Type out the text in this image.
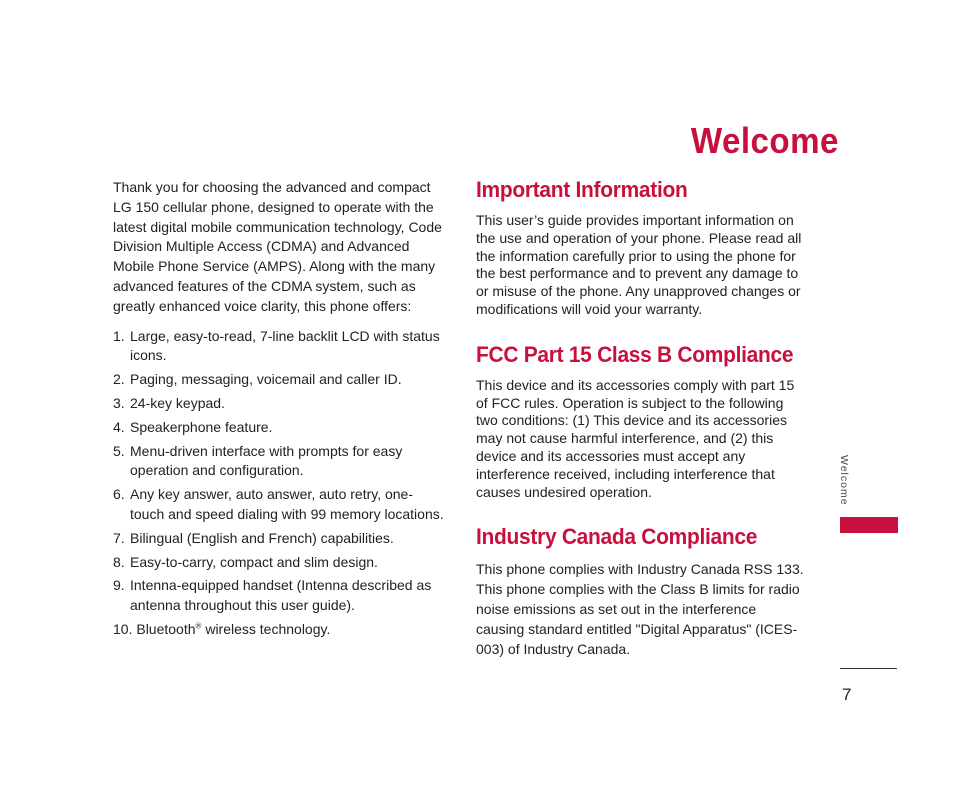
Welcome

Thank you for choosing the advanced and compact LG 150 cellular phone, designed to operate with the latest digital mobile communication technology, Code Division Multiple Access (CDMA) and Advanced Mobile Phone Service (AMPS). Along with the many advanced features of the CDMA system, such as greatly enhanced voice clarity, this phone offers:

1. Large, easy-to-read, 7-line backlit LCD with status icons.
2. Paging, messaging, voicemail and caller ID.
3. 24-key keypad.
4. Speakerphone feature.
5. Menu-driven interface with prompts for easy operation and configuration.
6. Any key answer, auto answer, auto retry, one-touch and speed dialing with 99 memory locations.
7. Bilingual (English and French) capabilities.
8. Easy-to-carry, compact and slim design.
9. Intenna-equipped handset (Intenna described as antenna throughout this user guide).
10. Bluetooth® wireless technology.
Important Information

This user’s guide provides important information on the use and operation of your phone. Please read all the information carefully prior to using the phone for the best performance and to prevent any damage to or misuse of the phone. Any unapproved changes or modifications will void your warranty.

FCC Part 15 Class B Compliance

This device and its accessories comply with part 15 of FCC rules. Operation is subject to the following two conditions: (1) This device and its accessories may not cause harmful interference, and (2) this device and its accessories must accept any interference received, including interference that causes undesired operation.

Industry Canada Compliance

This phone complies with Industry Canada RSS 133. This phone complies with the Class B limits for radio noise emissions as set out in the interference causing standard entitled "Digital Apparatus" (ICES-003) of Industry Canada.

Welcome
7
